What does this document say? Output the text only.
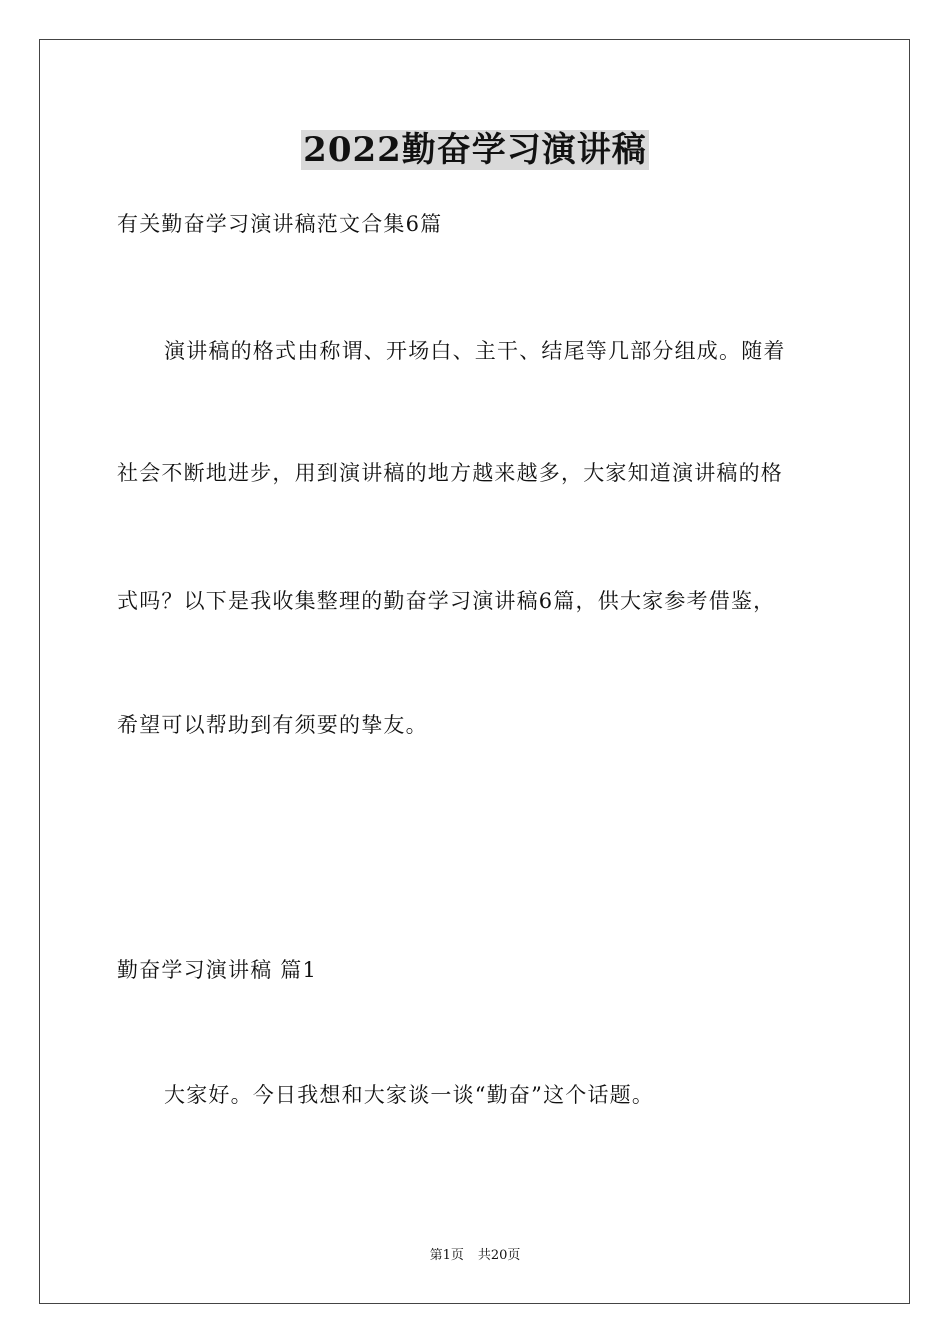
2022勤奋学习演讲稿
有关勤奋学习演讲稿范文合集6篇
演讲稿的格式由称谓、开场白、主干、结尾等几部分组成。随着
社会不断地进步，用到演讲稿的地方越来越多，大家知道演讲稿的格
式吗？以下是我收集整理的勤奋学习演讲稿6篇，供大家参考借鉴，
希望可以帮助到有须要的挚友。
勤奋学习演讲稿 篇1
大家好。今日我想和大家谈一谈“勤奋”这个话题。
第1页 共20页
